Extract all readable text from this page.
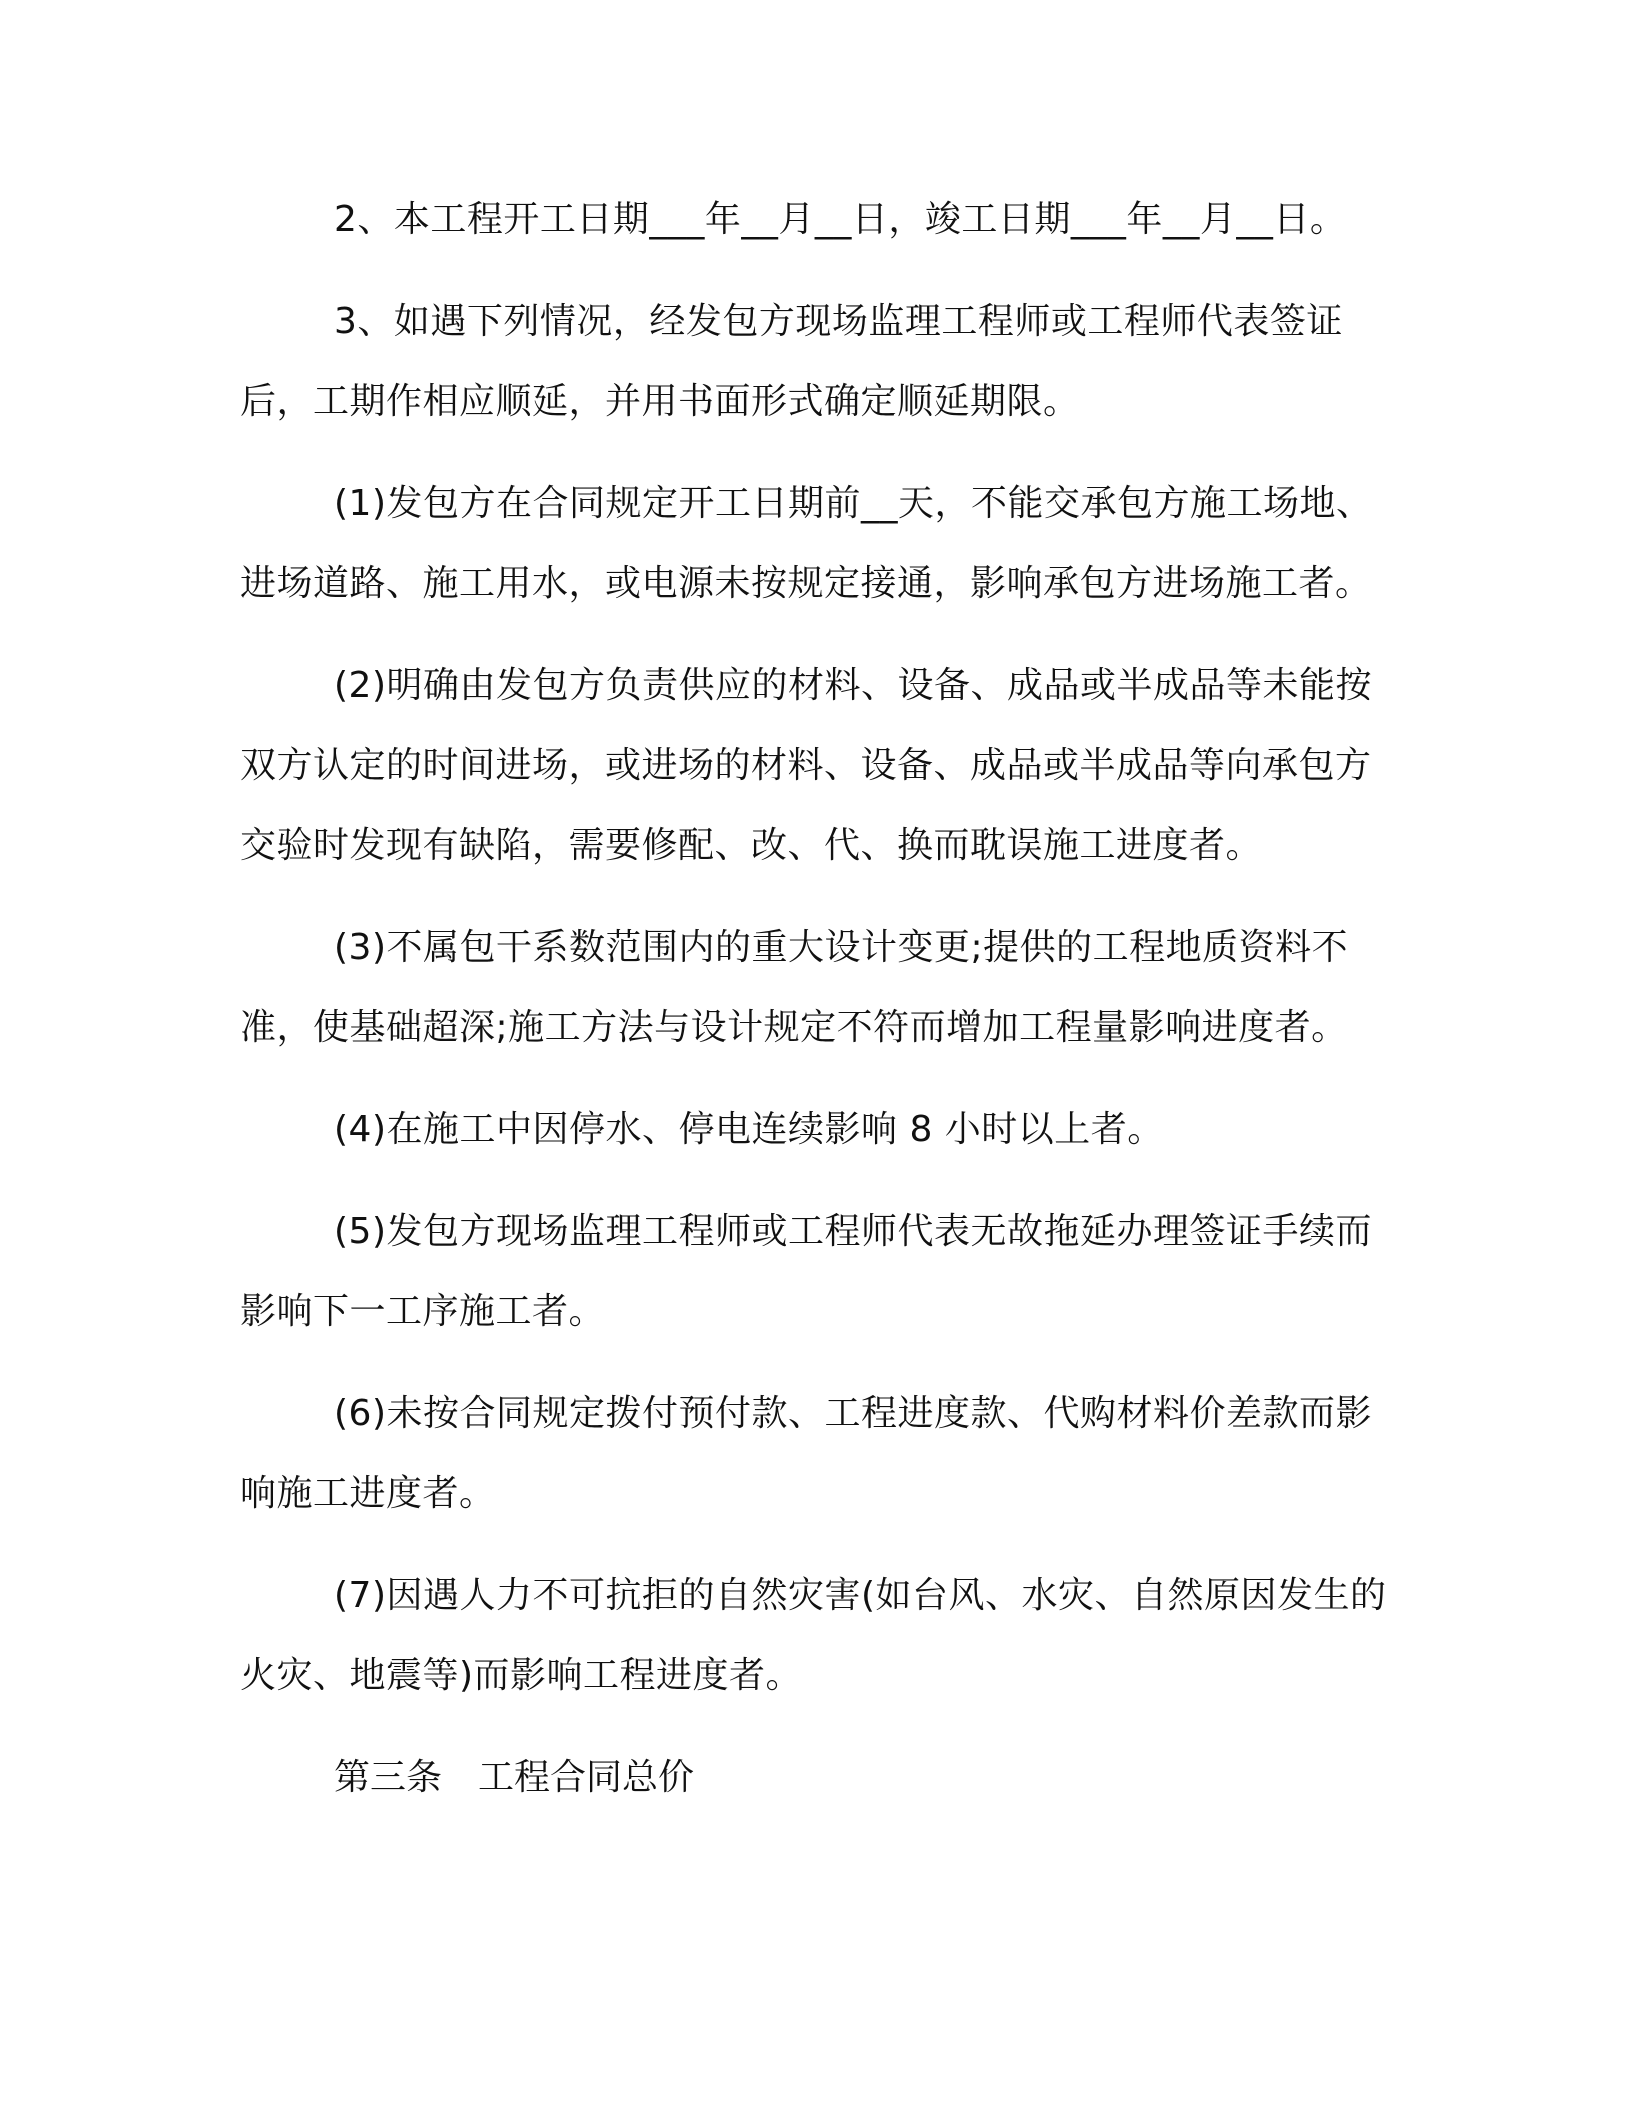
2、本工程开工日期___年__月__日，竣工日期___年__月__日。

3、如遇下列情况，经发包方现场监理工程师或工程师代表签证后，工期作相应顺延，并用书面形式确定顺延期限。

(1)发包方在合同规定开工日期前__天，不能交承包方施工场地、进场道路、施工用水，或电源未按规定接通，影响承包方进场施工者。

(2)明确由发包方负责供应的材料、设备、成品或半成品等未能按双方认定的时间进场，或进场的材料、设备、成品或半成品等向承包方交验时发现有缺陷，需要修配、改、代、换而耽误施工进度者。

(3)不属包干系数范围内的重大设计变更;提供的工程地质资料不准，使基础超深;施工方法与设计规定不符而增加工程量影响进度者。

(4)在施工中因停水、停电连续影响 8 小时以上者。

(5)发包方现场监理工程师或工程师代表无故拖延办理签证手续而影响下一工序施工者。

(6)未按合同规定拨付预付款、工程进度款、代购材料价差款而影响施工进度者。

(7)因遇人力不可抗拒的自然灾害(如台风、水灾、自然原因发生的火灾、地震等)而影响工程进度者。

第三条　工程合同总价
